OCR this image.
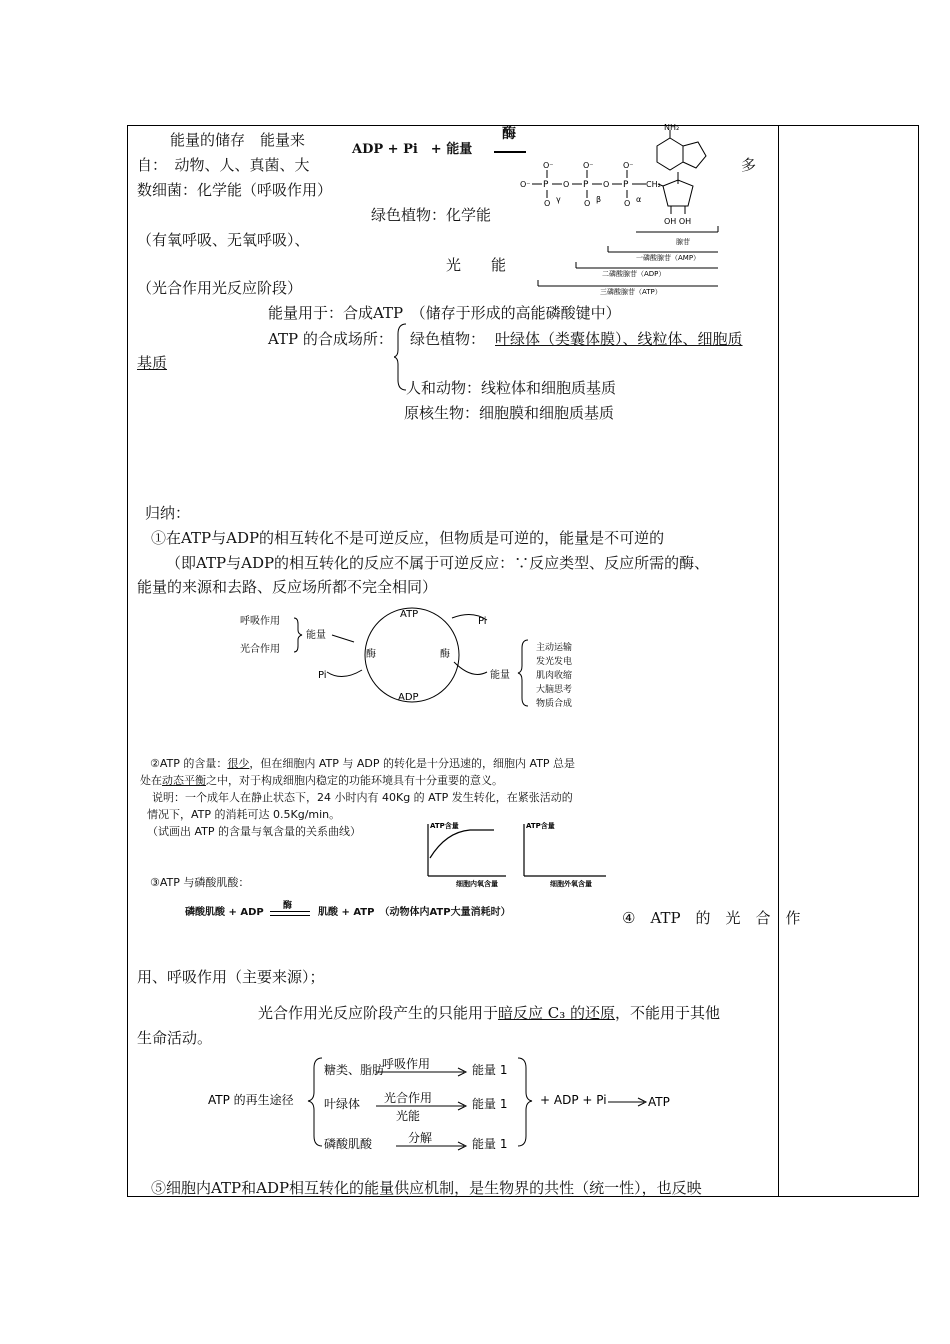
能量的储存　能量来
自：　动物、人、真菌、大
数细菌：化学能（呼吸作用）
多
绿色植物：化学能
（有氧呼吸、无氧呼吸）、
光　　能
（光合作用光反应阶段）
ADP + Pi　+ 能量
酶	NH₂
O⁻	O⁻	O⁻
O⁻ P	P	P
O	O
O	O	O
γ	β	α
CH₂
OH OH
腺苷
一磷酸腺苷（AMP）
二磷酸腺苷（ADP）
三磷酸腺苷（ATP）
能量用于：合成ATP　（储存于形成的高能磷酸键中）
ATP 的合成场所： 绿色植物： 叶绿体（类囊体膜）、线粒体、细胞质
基质
人和动物：线粒体和细胞质基质
原核生物：细胞膜和细胞质基质
归纳：
①在ATP与ADP的相互转化不是可逆反应，但物质是可逆的，能量是不可逆的
（即ATP与ADP的相互转化的反应不属于可逆反应：∵反应类型、反应所需的酶、
能量的来源和去路、反应场所都不完全相同）
呼吸作用
光合作用
能量
ATP
ADP
Pi
Pi
酶	酶
能量
主动运输
发光发电
肌肉收缩
大脑思考
物质合成
②ATP 的含量：很少，但在细胞内 ATP 与 ADP 的转化是十分迅速的，细胞内 ATP 总是
处在动态平衡之中，对于构成细胞内稳定的功能环境具有十分重要的意义。
说明：一个成年人在静止状态下，24 小时内有 40Kg 的 ATP 发生转化，在紧张活动的
情况下，ATP 的消耗可达 0.5Kg/min。
（试画出 ATP 的含量与氧含量的关系曲线）	ATP含量
细胞内氧含量
ATP含量
细胞外氧含量
③ATP 与磷酸肌酸：
磷酸肌酸 + ADP
酶
肌酸 + ATP　（动物体内ATP大量消耗时）	④　ATP　的　光　合　作
用、呼吸作用（主要来源）；
光合作用光反应阶段产生的只能用于暗反应 C₃ 的还原，不能用于其他
生命活动。
ATP 的再生途径
糖类、脂肪
呼吸作用	能量 1
叶绿体 光合作用
光能
能量 1
磷酸肌酸	分解	能量 1
+ ADP + Pi	ATP
⑤细胞内ATP和ADP相互转化的能量供应机制，是生物界的共性（统一性），也反映
